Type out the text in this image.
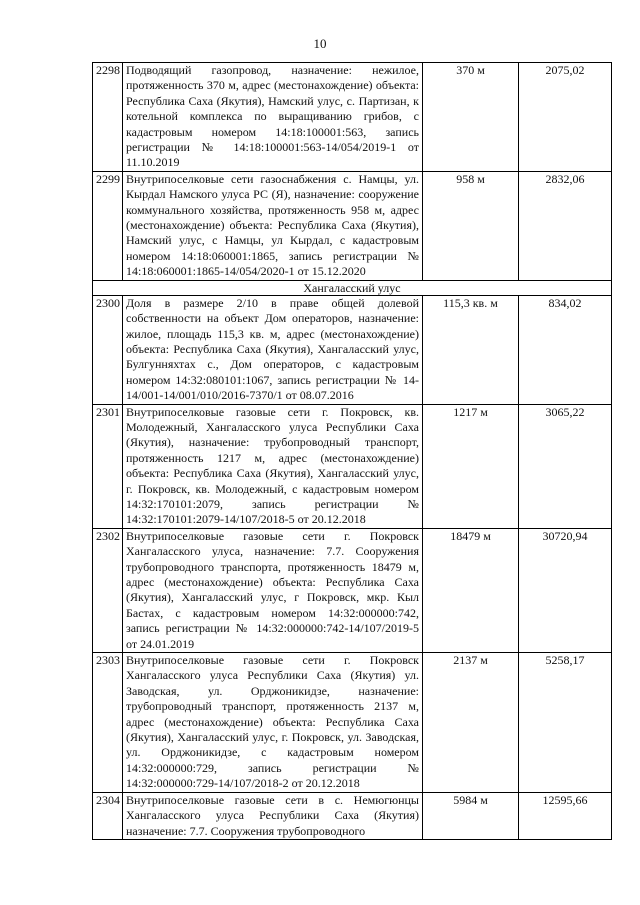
10
2298	Подводящий газопровод, назначение: нежилое, протяженность 370 м, адрес (местонахождение) объекта: Республика Саха (Якутия), Намский улус, с. Партизан, к котельной комплекса по выращиванию грибов, с кадастровым номером 14:18:100001:563, запись регистрации № 14:18:100001:563-14/054/2019-1 от 11.10.2019	370 м	2075,02
2299	Внутрипоселковые сети газоснабжения с. Намцы, ул. Кырдал Намского улуса РС (Я), назначение: сооружение коммунального хозяйства, протяженность 958 м, адрес (местонахождение) объекта: Республика Саха (Якутия), Намский улус, с Намцы, ул Кырдал, с кадастровым номером 14:18:060001:1865, запись регистрации № 14:18:060001:1865-14/054/2020-1 от 15.12.2020	958 м	2832,06
Хангаласский улус			
2300	Доля в размере 2/10 в праве общей долевой собственности на объект Дом операторов, назначение: жилое, площадь 115,3 кв. м, адрес (местонахождение) объекта: Республика Саха (Якутия), Хангаласский улус, Булгунняхтах с., Дом операторов, с кадастровым номером 14:32:080101:1067, запись регистрации № 14-14/001-14/001/010/2016-7370/1 от 08.07.2016	115,3 кв. м	834,02
2301	Внутрипоселковые газовые сети г. Покровск, кв. Молодежный, Хангаласского улуса Республики Саха (Якутия), назначение: трубопроводный транспорт, протяженность 1217 м, адрес (местонахождение) объекта: Республика Саха (Якутия), Хангаласский улус, г. Покровск, кв. Молодежный, с кадастровым номером 14:32:170101:2079, запись регистрации № 14:32:170101:2079-14/107/2018-5 от 20.12.2018	1217 м	3065,22
2302	Внутрипоселковые газовые сети г. Покровск Хангаласского улуса, назначение: 7.7. Сооружения трубопроводного транспорта, протяженность 18479 м, адрес (местонахождение) объекта: Республика Саха (Якутия), Хангаласский улус, г Покровск, мкр. Кыл Бастах, с кадастровым номером 14:32:000000:742, запись регистрации № 14:32:000000:742-14/107/2019-5 от 24.01.2019	18479 м	30720,94
2303	Внутрипоселковые газовые сети г. Покровск Хангаласского улуса Республики Саха (Якутия) ул. Заводская, ул. Орджоникидзе, назначение: трубопроводный транспорт, протяженность 2137 м, адрес (местонахождение) объекта: Республика Саха (Якутия), Хангаласский улус, г. Покровск, ул. Заводская, ул. Орджоникидзе, с кадастровым номером 14:32:000000:729, запись регистрации № 14:32:000000:729-14/107/2018-2 от 20.12.2018	2137 м	5258,17
2304	Внутрипоселковые газовые сети в с. Немюгюнцы Хангаласского улуса Республики Саха (Якутия) назначение: 7.7. Сооружения трубопроводного	5984 м	12595,66
